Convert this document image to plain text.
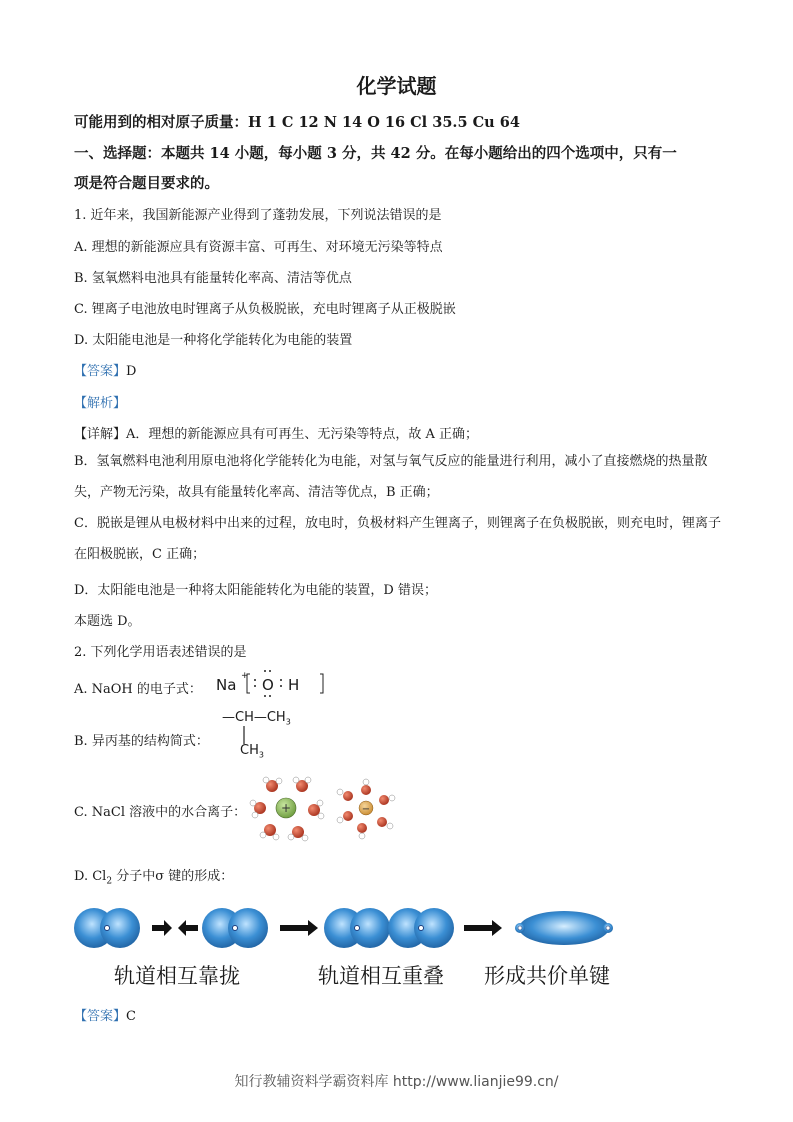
化学试题
可能用到的相对原子质量：H 1 C 12 N 14 O 16 Cl 35.5 Cu 64
一、选择题：本题共 14 小题，每小题 3 分，共 42 分。在每小题给出的四个选项中，只有一
项是符合题目要求的。
1. 近年来，我国新能源产业得到了蓬勃发展，下列说法错误的是
A. 理想的新能源应具有资源丰富、可再生、对环境无污染等特点
B. 氢氧燃料电池具有能量转化率高、清洁等优点
C. 锂离子电池放电时锂离子从负极脱嵌，充电时锂离子从正极脱嵌
D. 太阳能电池是一种将化学能转化为电能的装置
【答案】D
【解析】
【详解】A．理想的新能源应具有可再生、无污染等特点，故 A 正确；
B．氢氧燃料电池利用原电池将化学能转化为电能，对氢与氧气反应的能量进行利用，减小了直接燃烧的热量散失，产物无污染，故具有能量转化率高、清洁等优点，B 正确；
C．脱嵌是锂从电极材料中出来的过程，放电时，负极材料产生锂离子，则锂离子在负极脱嵌，则充电时，锂离子在阳极脱嵌，C 正确；
D．太阳能电池是一种将太阳能能转化为电能的装置，D 错误；
本题选 D。
2. 下列化学用语表述错误的是
A. NaOH 的电子式： Na + O H
B. 异丙基的结构简式：
$—CH—CH_3$
$CH_3$
C. NaCl 溶液中的水合离子：	+	−
D. $Cl_2$ 分子中σ 键的形成：
轨道相互靠拢	轨道相互重叠 形成共价单键
【答案】C
知行教辅资料学霸资料库 http://www.lianjie99.cn/
